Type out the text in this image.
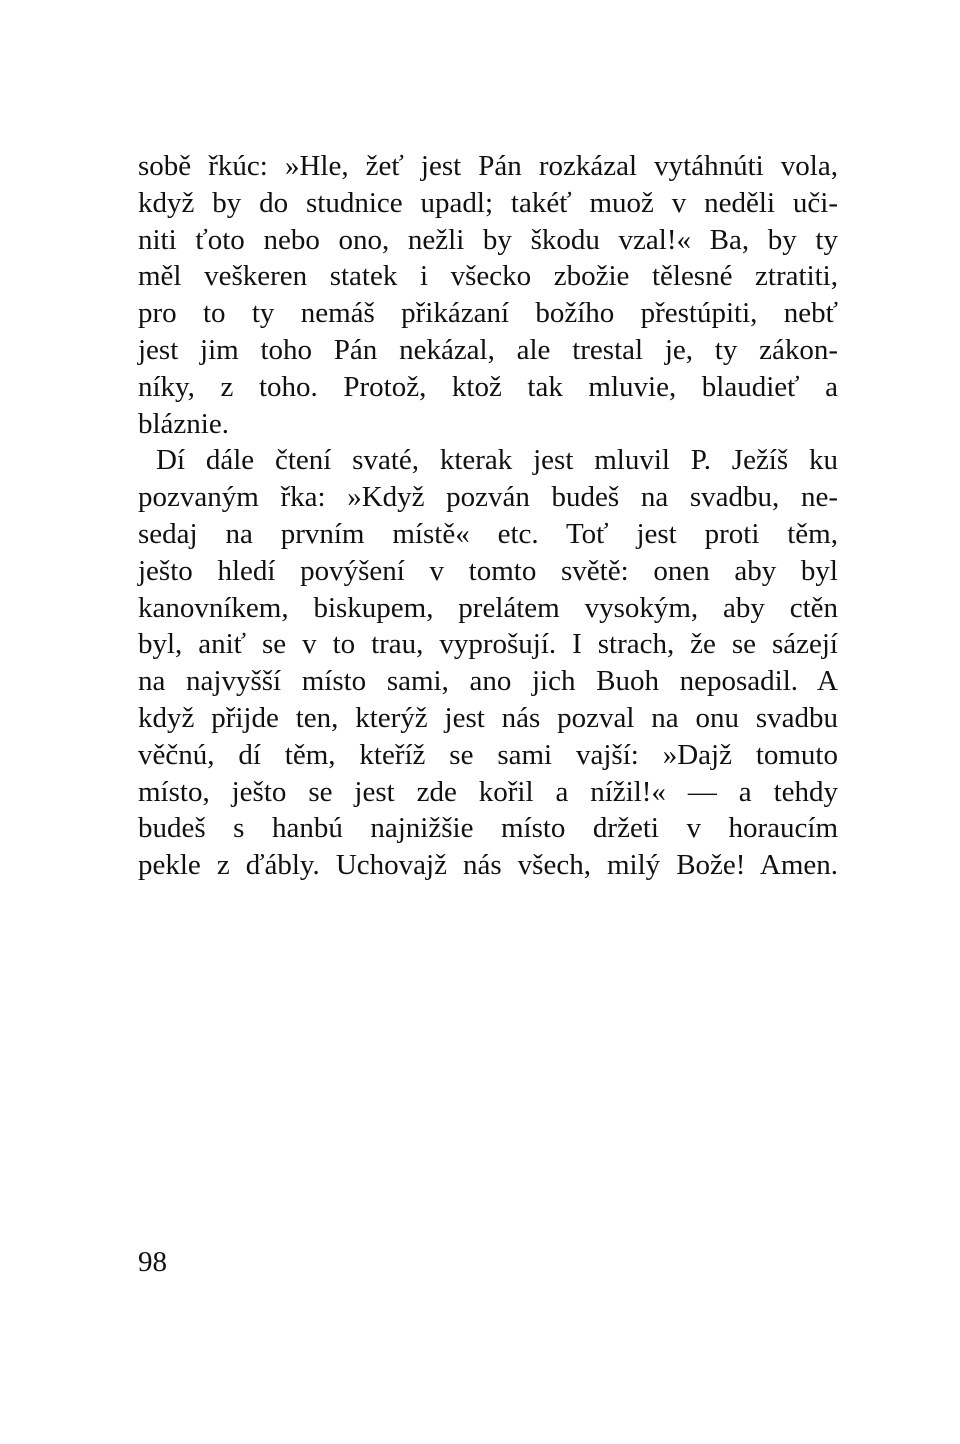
sobě řkúc: »Hle, žeť jest Pán rozkázal vytáhnúti vola,
když by do studnice upadl; takéť muož v neděli uči-
niti ťoto nebo ono, nežli by škodu vzal!« Ba, by ty
měl veškeren statek i všecko zbožie tělesné ztratiti,
pro to ty nemáš přikázaní božího přestúpiti, nebť
jest jim toho Pán nekázal, ale trestal je, ty zákon-
níky, z toho. Protož, ktož tak mluvie, blaudieť a
bláznie.
Dí dále čtení svaté, kterak jest mluvil P. Ježíš ku
pozvaným řka: »Když pozván budeš na svadbu, ne-
sedaj na prvním místě« etc. Toť jest proti těm,
ješto hledí povýšení v tomto světě: onen aby byl
kanovníkem, biskupem, prelátem vysokým, aby ctěn
byl, aniť se v to trau, vyprošují. I strach, že se sázejí
na najvyšší místo sami, ano jich Buoh neposadil. A
když přijde ten, kterýž jest nás pozval na onu svadbu
věčnú, dí těm, kteříž se sami vajší: »Dajž tomuto
místo, ješto se jest zde kořil a nížil!« — a tehdy
budeš s hanbú najnižšie místo držeti v horaucím
pekle z ďábly. Uchovajž nás všech, milý Bože! Amen.
98
